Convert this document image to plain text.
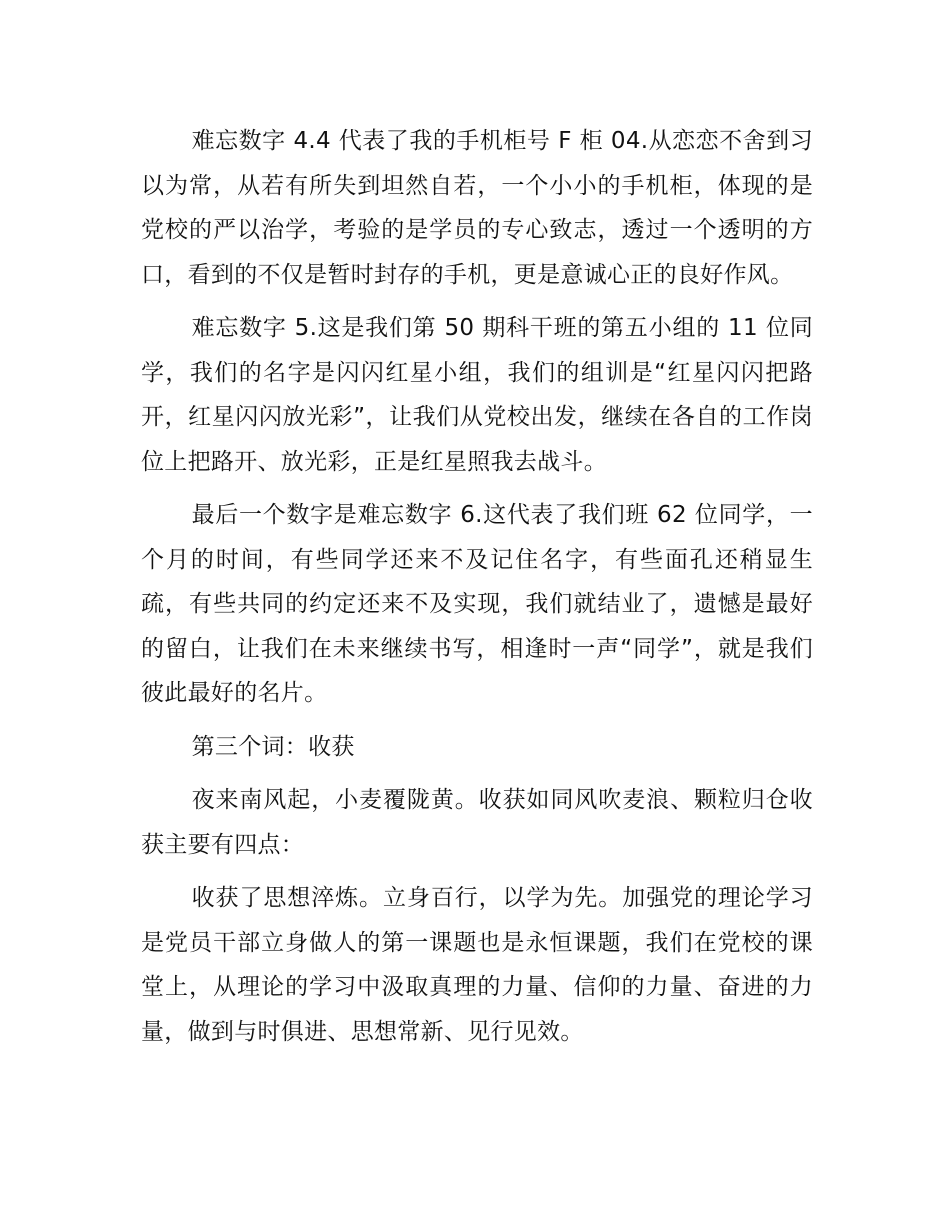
难忘数字 4.4 代表了我的手机柜号 F 柜 04.从恋恋不舍到习以为常，从若有所失到坦然自若，一个小小的手机柜，体现的是党校的严以治学，考验的是学员的专心致志，透过一个透明的方口，看到的不仅是暂时封存的手机，更是意诚心正的良好作风。

难忘数字 5.这是我们第 50 期科干班的第五小组的 11 位同学，我们的名字是闪闪红星小组，我们的组训是“红星闪闪把路开，红星闪闪放光彩”，让我们从党校出发，继续在各自的工作岗位上把路开、放光彩，正是红星照我去战斗。

最后一个数字是难忘数字 6.这代表了我们班 62 位同学，一个月的时间，有些同学还来不及记住名字，有些面孔还稍显生疏，有些共同的约定还来不及实现，我们就结业了，遗憾是最好的留白，让我们在未来继续书写，相逢时一声“同学”，就是我们彼此最好的名片。

第三个词：收获

夜来南风起，小麦覆陇黄。收获如同风吹麦浪、颗粒归仓收获主要有四点：

收获了思想淬炼。立身百行，以学为先。加强党的理论学习是党员干部立身做人的第一课题也是永恒课题，我们在党校的课堂上，从理论的学习中汲取真理的力量、信仰的力量、奋进的力量，做到与时俱进、思想常新、见行见效。
